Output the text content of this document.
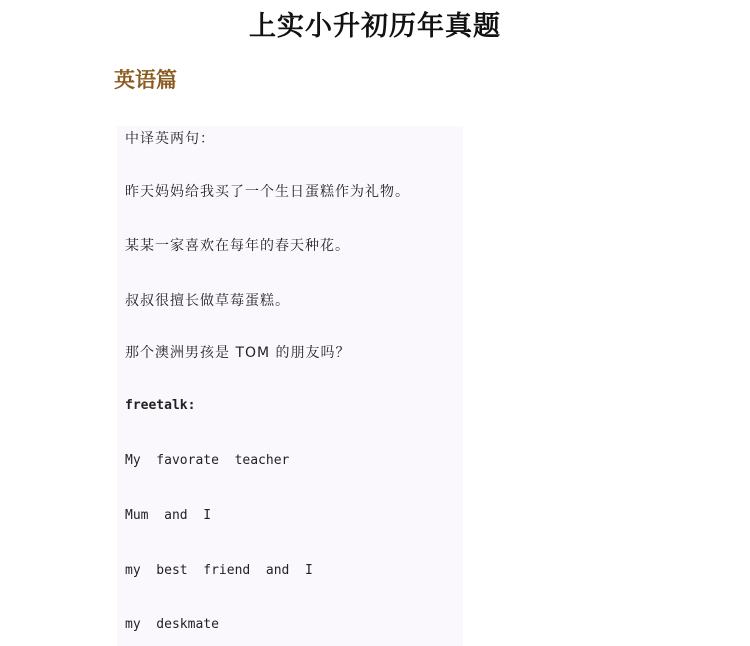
上实小升初历年真题
英语篇
中译英两句：
昨天妈妈给我买了一个生日蛋糕作为礼物。
某某一家喜欢在每年的春天种花。
叔叔很擅长做草莓蛋糕。
那个澳洲男孩是 TOM 的朋友吗？
freetalk:
My  favorate  teacher
Mum  and  I
my  best  friend  and  I
my  deskmate
